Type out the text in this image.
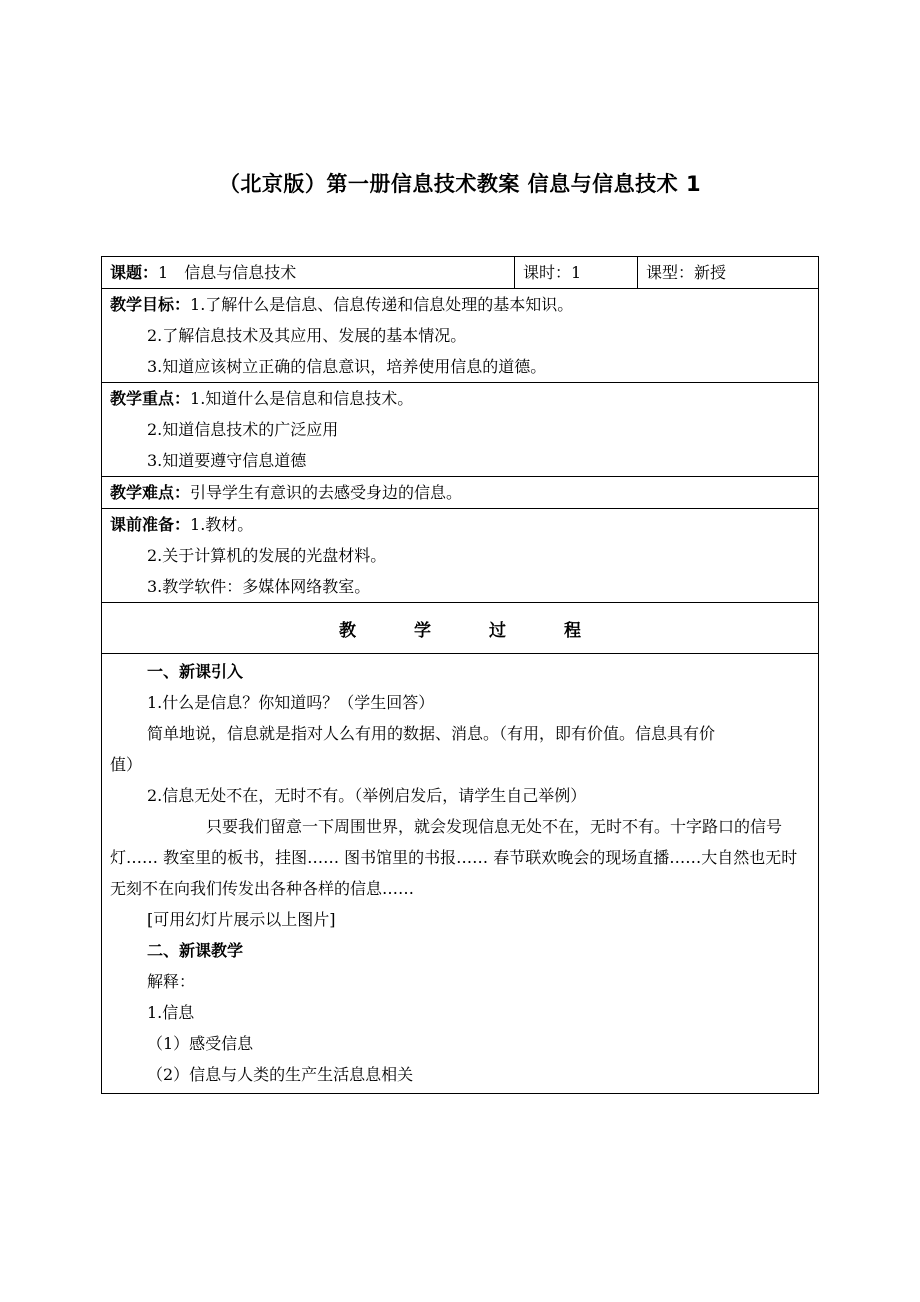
（北京版）第一册信息技术教案 信息与信息技术 1
课题：1　信息与信息技术	课时：1	课型：新授

教学目标：1.了解什么是信息、信息传递和信息处理的基本知识。
2.了解信息技术及其应用、发展的基本情况。
3.知道应该树立正确的信息意识，培养使用信息的道德。

教学重点：1.知道什么是信息和信息技术。
2.知道信息技术的广泛应用
3.知道要遵守信息道德

教学难点：引导学生有意识的去感受身边的信息。

课前准备：1.教材。
2.关于计算机的发展的光盘材料。
3.教学软件：多媒体网络教室。

教	学	过	程

一、新课引入
1.什么是信息？你知道吗？（学生回答）
简单地说，信息就是指对人么有用的数据、消息。（有用，即有价值。信息具有价
值）
2.信息无处不在，无时不有。（举例启发后，请学生自己举例）
只要我们留意一下周围世界，就会发现信息无处不在，无时不有。十字路口的信号灯…… 教室里的板书，挂图…… 图书馆里的书报…… 春节联欢晚会的现场直播……大自然也无时无刻不在向我们传发出各种各样的信息……
[可用幻灯片展示以上图片]
二、新课教学
解释：
1.信息
（1）感受信息
（2）信息与人类的生产生活息息相关
